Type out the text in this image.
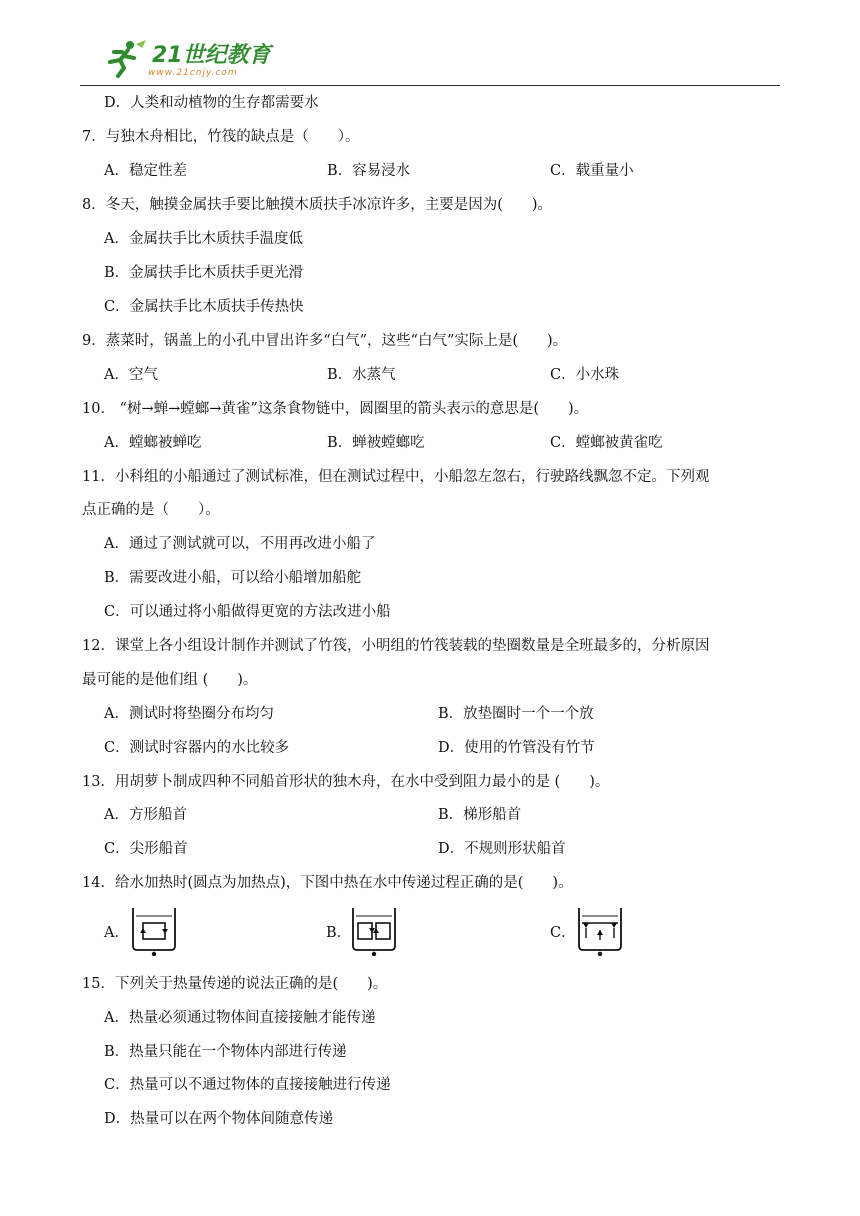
21世纪教育
www.21cnjy.com
D．人类和动植物的生存都需要水
7．与独木舟相比，竹筏的缺点是（　　）。
A．稳定性差	B．容易浸水	C．载重量小
8．冬天，触摸金属扶手要比触摸木质扶手冰凉许多，主要是因为(　　)。
A．金属扶手比木质扶手温度低
B．金属扶手比木质扶手更光滑
C．金属扶手比木质扶手传热快
9．蒸菜时，锅盖上的小孔中冒出许多“白气”，这些“白气”实际上是(　　)。
A．空气	B．水蒸气	C．小水珠
10． “树→蝉→螳螂→黄雀”这条食物链中，圆圈里的箭头表示的意思是(　　)。
A．螳螂被蝉吃	B．蝉被螳螂吃	C．螳螂被黄雀吃
11．小科组的小船通过了测试标准，但在测试过程中，小船忽左忽右，行驶路线飘忽不定。下列观
点正确的是（　　）。
A．通过了测试就可以，不用再改进小船了
B．需要改进小船，可以给小船增加船舵
C．可以通过将小船做得更宽的方法改进小船
12．课堂上各小组设计制作并测试了竹筏，小明组的竹筏装载的垫圈数量是全班最多的，分析原因
最可能的是他们组 (　　)。
A．测试时将垫圈分布均匀	B．放垫圈时一个一个放
C．测试时容器内的水比较多	D．使用的竹管没有竹节
13．用胡萝卜制成四种不同船首形状的独木舟，在水中受到阻力最小的是 (　　)。
A．方形船首	B．梯形船首
C．尖形船首	D．不规则形状船首
14．给水加热时(圆点为加热点)，下图中热在水中传递过程正确的是(　　)。
A．	B．	C．
15．下列关于热量传递的说法正确的是(　　)。
A．热量必须通过物体间直接接触才能传递
B．热量只能在一个物体内部进行传递
C．热量可以不通过物体的直接接触进行传递
D．热量可以在两个物体间随意传递
